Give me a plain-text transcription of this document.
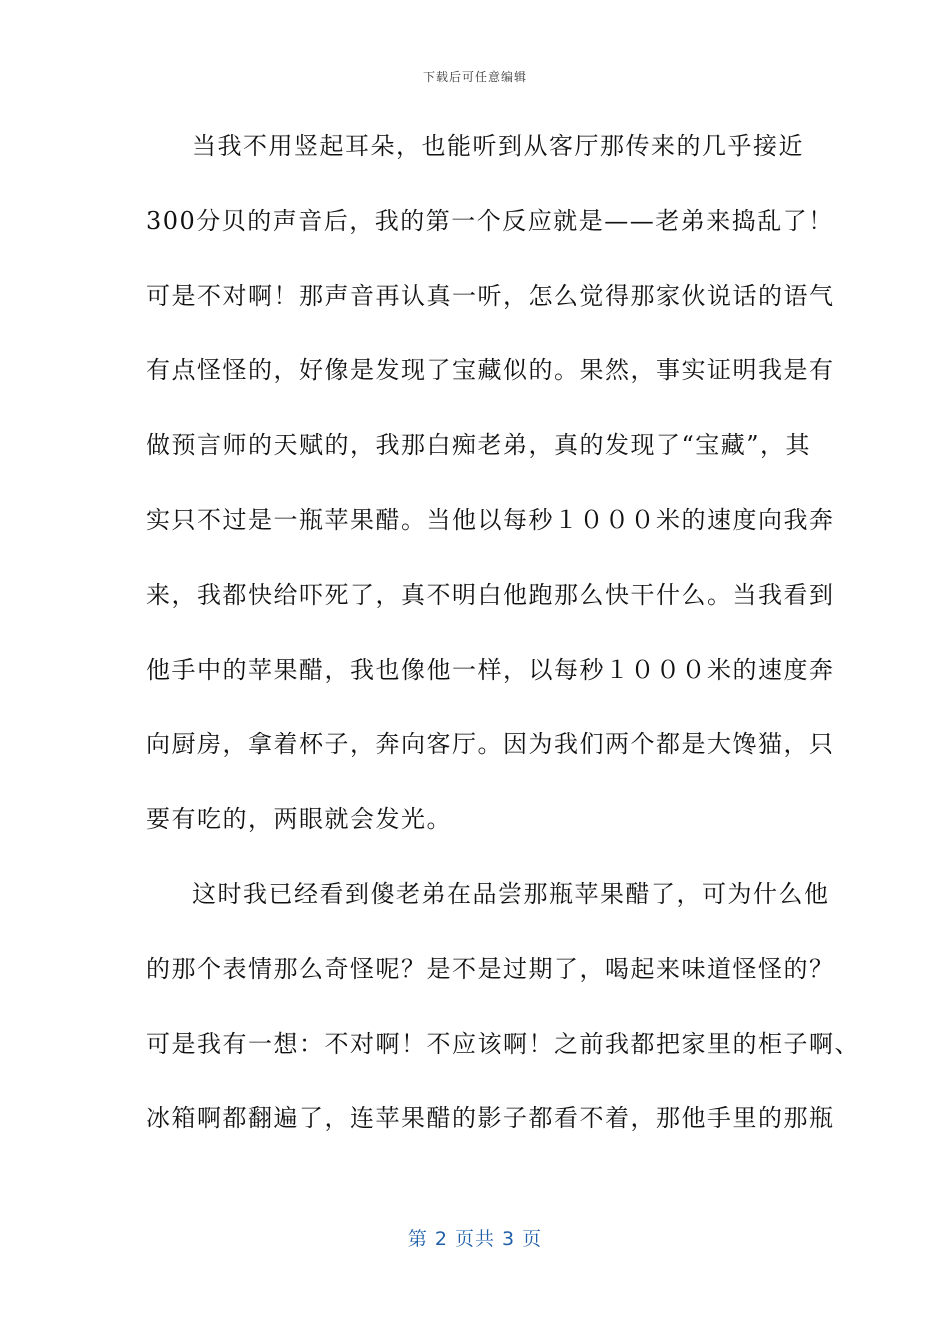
下载后可任意编辑
当我不用竖起耳朵，也能听到从客厅那传来的几乎接近
300分贝的声音后，我的第一个反应就是——老弟来捣乱了！
可是不对啊！那声音再认真一听，怎么觉得那家伙说话的语气
有点怪怪的，好像是发现了宝藏似的。果然，事实证明我是有
做预言师的天赋的，我那白痴老弟，真的发现了“宝藏”，其
实只不过是一瓶苹果醋。当他以每秒１０００米的速度向我奔
来，我都快给吓死了，真不明白他跑那么快干什么。当我看到
他手中的苹果醋，我也像他一样，以每秒１０００米的速度奔
向厨房，拿着杯子，奔向客厅。因为我们两个都是大馋猫，只
要有吃的，两眼就会发光。
这时我已经看到傻老弟在品尝那瓶苹果醋了，可为什么他
的那个表情那么奇怪呢？是不是过期了，喝起来味道怪怪的？
可是我有一想：不对啊！不应该啊！之前我都把家里的柜子啊、
冰箱啊都翻遍了，连苹果醋的影子都看不着，那他手里的那瓶
第 2 页共 3 页
